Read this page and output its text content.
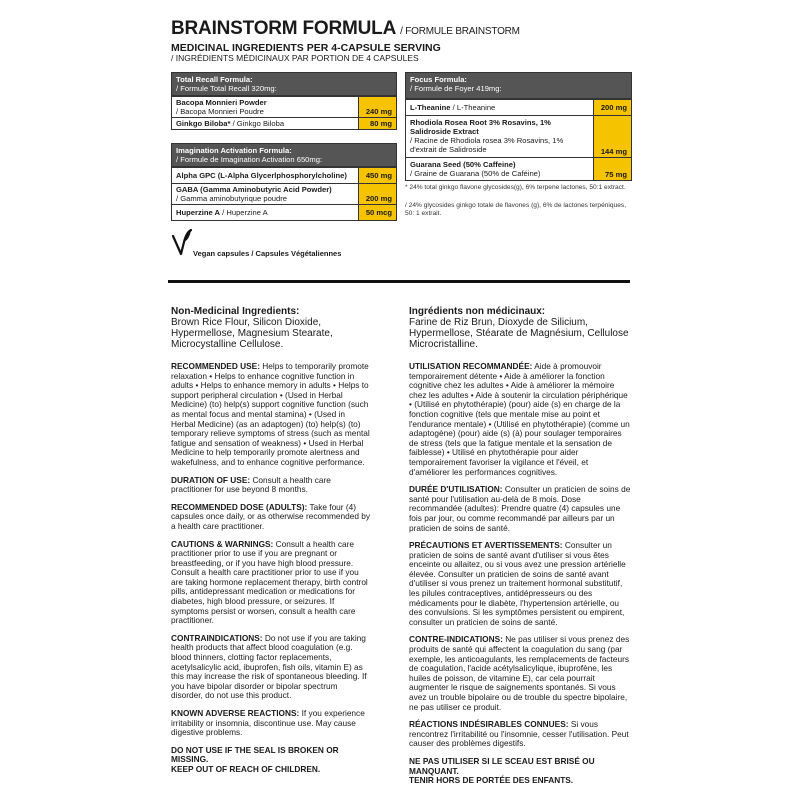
BRAINSTORM FORMULA / FORMULE BRAINSTORM
MEDICINAL INGREDIENTS PER 4-CAPSULE SERVING
/ INGRÉDIENTS MÉDICINAUX PAR PORTION DE 4 CAPSULES
Total Recall Formula:
/ Formule Total Recall 320mg:
Bacopa Monnieri Powder
/ Bacopa Monnieri Poudre	240 mg
Ginkgo Biloba* / Ginkgo Biloba	80 mg
Imagination Activation Formula:
/ Formule de Imagination Activation 650mg:
Alpha GPC (L-Alpha Glycerlphosphorylcholine)	450 mg
GABA (Gamma Aminobutyric Acid Powder)
/ Gamma aminobutyrique poudre	200 mg
Huperzine A / Huperzine A	50 mcg
Focus Formula:
/ Formule de Foyer 419mg:
L-Theanine / L-Theanine	200 mg
Rhodiola Rosea Root 3% Rosavins, 1% Salidroside Extract
/ Racine de Rhodiola rosea 3% Rosavins, 1% d'extrait de Salidroside	144 mg
Guarana Seed (50% Caffeine)
/ Graine de Guarana (50% de Caféine)	75 mg
* 24% total ginkgo flavone glycosides(g), 6% terpene lactones, 50:1 extract.
/ 24% glycosides ginkgo totale de flavones (g), 6% de lactones terpéniques, 50: 1 extrait.
Vegan capsules / Capsules Végétaliennes

Non-Medicinal Ingredients:
Brown Rice Flour, Silicon Dioxide, Hypermellose, Magnesium Stearate, Microcystalline Cellulose.

RECOMMENDED USE: Helps to temporarily promote relaxation • Helps to enhance cognitive function in adults • Helps to enhance memory in adults • Helps to support peripheral circulation • (Used in Herbal Medicine) (to) help(s) support cognitive function (such as mental focus and mental stamina) • (Used in Herbal Medicine) (as an adaptogen) (to) help(s) (to) temporary relieve symptoms of stress (such as mental fatigue and sensation of weakness) • Used in Herbal Medicine to help temporarily promote alertness and wakefulness, and to enhance cognitive performance.

DURATION OF USE: Consult a health care practitioner for use beyond 8 months.

RECOMMENDED DOSE (ADULTS): Take four (4) capsules once daily, or as otherwise recommended by a health care practitioner.

CAUTIONS & WARNINGS: Consult a health care practitioner prior to use if you are pregnant or breastfeeding, or if you have high blood pressure. Consult a health care practitioner prior to use if you are taking hormone replacement therapy, birth control pills, antidepressant medication or medications for diabetes, high blood pressure, or seizures. If symptoms persist or worsen, consult a health care practitioner.

CONTRAINDICATIONS: Do not use if you are taking health products that affect blood coagulation (e.g. blood thinners, clotting factor replacements, acetylsalicylic acid, ibuprofen, fish oils, vitamin E) as this may increase the risk of spontaneous bleeding. If you have bipolar disorder or bipolar spectrum disorder, do not use this product.

KNOWN ADVERSE REACTIONS: If you experience irritability or insomnia, discontinue use. May cause digestive problems.

DO NOT USE IF THE SEAL IS BROKEN OR MISSING.
KEEP OUT OF REACH OF CHILDREN.

Ingrédients non médicinaux:
Farine de Riz Brun, Dioxyde de Silicium, Hypermellose, Stéarate de Magnésium, Cellulose Microcristalline.

UTILISATION RECOMMANDÉE: Aide à promouvoir temporairement détente • Aide à améliorer la fonction cognitive chez les adultes • Aide à améliorer la mémoire chez les adultes • Aide à soutenir la circulation périphérique • (Utilisé en phytothérapie) (pour) aide (s) en charge de la fonction cognitive (tels que mentale mise au point et l'endurance mentale) • (Utilisé en phytothérapie) (comme un adaptogène) (pour) aide (s) (à) pour soulager temporaires de stress (tels que la fatigue mentale et la sensation de faiblesse) • Utilisé en phytothérapie pour aider temporairement favoriser la vigilance et l'éveil, et d'améliorer les performances cognitives.

DURÉE D'UTILISATION: Consulter un praticien de soins de santé pour l'utilisation au-delà de 8 mois. Dose recommandée (adultes): Prendre quatre (4) capsules une fois par jour, ou comme recommandé par ailleurs par un praticien de soins de santé.

PRÉCAUTIONS ET AVERTISSEMENTS: Consulter un praticien de soins de santé avant d'utiliser si vous êtes enceinte ou allaitez, ou si vous avez une pression artérielle élevée. Consulter un praticien de soins de santé avant d'utiliser si vous prenez un traitement hormonal substitutif, les pilules contraceptives, antidépresseurs ou des médicaments pour le diabète, l'hypertension artérielle, ou des convulsions. Si les symptômes persistent ou empirent, consulter un praticien de soins de santé.

CONTRE-INDICATIONS: Ne pas utiliser si vous prenez des produits de santé qui affectent la coagulation du sang (par exemple, les anticoagulants, les remplacements de facteurs de coagulation, l'acide acétylsalicylique, ibuprofène, les huiles de poisson, de vitamine E), car cela pourrait augmenter le risque de saignements spontanés. Si vous avez un trouble bipolaire ou de trouble du spectre bipolaire, ne pas utiliser ce produit.

RÉACTIONS INDÉSIRABLES CONNUES: Si vous rencontrez l'irritabilité ou l'insomnie, cesser l'utilisation. Peut causer des problèmes digestifs.

NE PAS UTILISER SI LE SCEAU EST BRISÉ OU MANQUANT.
TENIR HORS DE PORTÉE DES ENFANTS.
